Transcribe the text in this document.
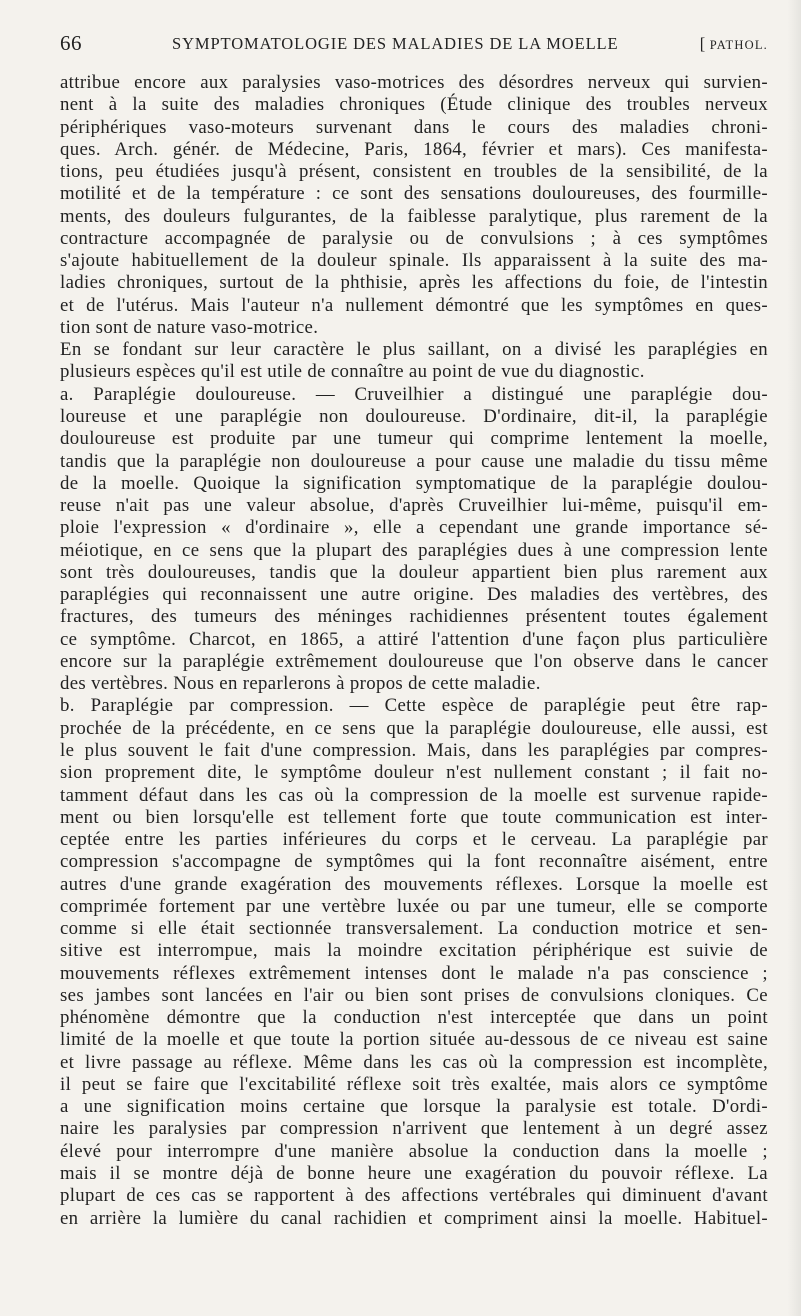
66	SYMPTOMATOLOGIE DES MALADIES DE LA MOELLE	[ PATHOL.
attribue encore aux paralysies vaso-motrices des désordres nerveux qui survien-
nent à la suite des maladies chroniques (Étude clinique des troubles nerveux
périphériques vaso-moteurs survenant dans le cours des maladies chroni-
ques. Arch. génér. de Médecine, Paris, 1864, février et mars). Ces manifesta-
tions, peu étudiées jusqu'à présent, consistent en troubles de la sensibilité, de la
motilité et de la température : ce sont des sensations douloureuses, des fourmille-
ments, des douleurs fulgurantes, de la faiblesse paralytique, plus rarement de la
contracture accompagnée de paralysie ou de convulsions ; à ces symptômes
s'ajoute habituellement de la douleur spinale. Ils apparaissent à la suite des ma-
ladies chroniques, surtout de la phthisie, après les affections du foie, de l'intestin
et de l'utérus. Mais l'auteur n'a nullement démontré que les symptômes en ques-
tion sont de nature vaso-motrice.
En se fondant sur leur caractère le plus saillant, on a divisé les paraplégies en
plusieurs espèces qu'il est utile de connaître au point de vue du diagnostic.
a. Paraplégie douloureuse. — Cruveilhier a distingué une paraplégie dou-
loureuse et une paraplégie non douloureuse. D'ordinaire, dit-il, la paraplégie
douloureuse est produite par une tumeur qui comprime lentement la moelle,
tandis que la paraplégie non douloureuse a pour cause une maladie du tissu même
de la moelle. Quoique la signification symptomatique de la paraplégie doulou-
reuse n'ait pas une valeur absolue, d'après Cruveilhier lui-même, puisqu'il em-
ploie l'expression « d'ordinaire », elle a cependant une grande importance sé-
méiotique, en ce sens que la plupart des paraplégies dues à une compression lente
sont très douloureuses, tandis que la douleur appartient bien plus rarement aux
paraplégies qui reconnaissent une autre origine. Des maladies des vertèbres, des
fractures, des tumeurs des méninges rachidiennes présentent toutes également
ce symptôme. Charcot, en 1865, a attiré l'attention d'une façon plus particulière
encore sur la paraplégie extrêmement douloureuse que l'on observe dans le cancer
des vertèbres. Nous en reparlerons à propos de cette maladie.
b. Paraplégie par compression. — Cette espèce de paraplégie peut être rap-
prochée de la précédente, en ce sens que la paraplégie douloureuse, elle aussi, est
le plus souvent le fait d'une compression. Mais, dans les paraplégies par compres-
sion proprement dite, le symptôme douleur n'est nullement constant ; il fait no-
tamment défaut dans les cas où la compression de la moelle est survenue rapide-
ment ou bien lorsqu'elle est tellement forte que toute communication est inter-
ceptée entre les parties inférieures du corps et le cerveau. La paraplégie par
compression s'accompagne de symptômes qui la font reconnaître aisément, entre
autres d'une grande exagération des mouvements réflexes. Lorsque la moelle est
comprimée fortement par une vertèbre luxée ou par une tumeur, elle se comporte
comme si elle était sectionnée transversalement. La conduction motrice et sen-
sitive est interrompue, mais la moindre excitation périphérique est suivie de
mouvements réflexes extrêmement intenses dont le malade n'a pas conscience ;
ses jambes sont lancées en l'air ou bien sont prises de convulsions cloniques. Ce
phénomène démontre que la conduction n'est interceptée que dans un point
limité de la moelle et que toute la portion située au-dessous de ce niveau est saine
et livre passage au réflexe. Même dans les cas où la compression est incomplète,
il peut se faire que l'excitabilité réflexe soit très exaltée, mais alors ce symptôme
a une signification moins certaine que lorsque la paralysie est totale. D'ordi-
naire les paralysies par compression n'arrivent que lentement à un degré assez
élevé pour interrompre d'une manière absolue la conduction dans la moelle ;
mais il se montre déjà de bonne heure une exagération du pouvoir réflexe. La
plupart de ces cas se rapportent à des affections vertébrales qui diminuent d'avant
en arrière la lumière du canal rachidien et compriment ainsi la moelle. Habituel-
